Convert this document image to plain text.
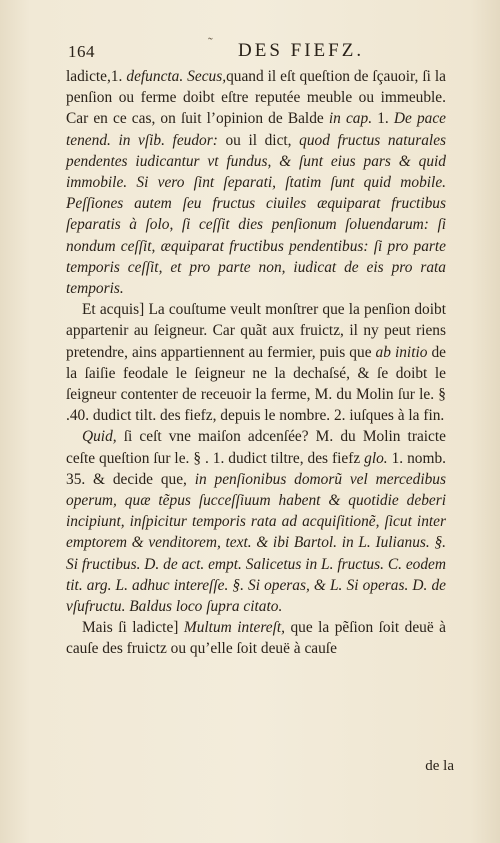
164	˜ DES FIEFZ.

ladicte,1. defuncta. Secus,quand il eſt queſtion de ſçauoir, ſi la penſion ou ferme doibt eſtre reputée meuble ou immeuble. Car en ce cas, on ſuit l’opinion de Balde in cap. 1. De pace tenend. in vſib. feudor: ou il dict, quod fructus naturales pendentes iudicantur vt fundus, & ſunt eius pars & quid immobile. Si vero ſint ſeparati, ſtatim ſunt quid mobile. Peſſiones autem ſeu fructus ciuiles æquiparat fructibus ſeparatis à ſolo, ſi ceſſit dies penſionum ſoluendarum: ſi nondum ceſſit, æquiparat fructibus pendentibus: ſi pro parte temporis ceſſit, et pro parte non, iudicat de eis pro rata temporis.

Et acquis] La couſtume veult monſtrer que la penſion doibt appartenir au ſeigneur. Car quãt aux fruictz, il ny peut riens pretendre, ains appartiennent au fermier, puis que ab initio de la ſaiſie feodale le ſeigneur ne la dechaſsé, & ſe doibt le ſeigneur contenter de receuoir la ferme, M. du Molin ſur le. § .40. dudict tilt. des fiefz, depuis le nombre. 2. iuſques à la fin.

Quid, ſi ceſt vne maiſon adcenſée? M. du Molin traicte ceſte queſtion ſur le. § . 1. dudict tiltre, des fiefz glo. 1. nomb. 35. & decide que, in penſionibus domorũ vel mercedibus operum, quæ tẽpus ſucceſſiuum habent & quotidie deberi incipiunt, inſpicitur temporis rata ad acquiſitionẽ, ſicut inter emptorem & venditorem, text. & ibi Bartol. in L. Iulianus. §. Si fructibus. D. de act. empt. Salicetus in L. fructus. C. eodem tit. arg. L. adhuc intereſſe. §. Si operas, & L. Si operas. D. de vſufructu. Baldus loco ſupra citato.

Mais ſi ladicte] Multum intereſt, que la pẽſion ſoit deuë à cauſe des fruictz ou qu’elle ſoit deuë à cauſe

de la
